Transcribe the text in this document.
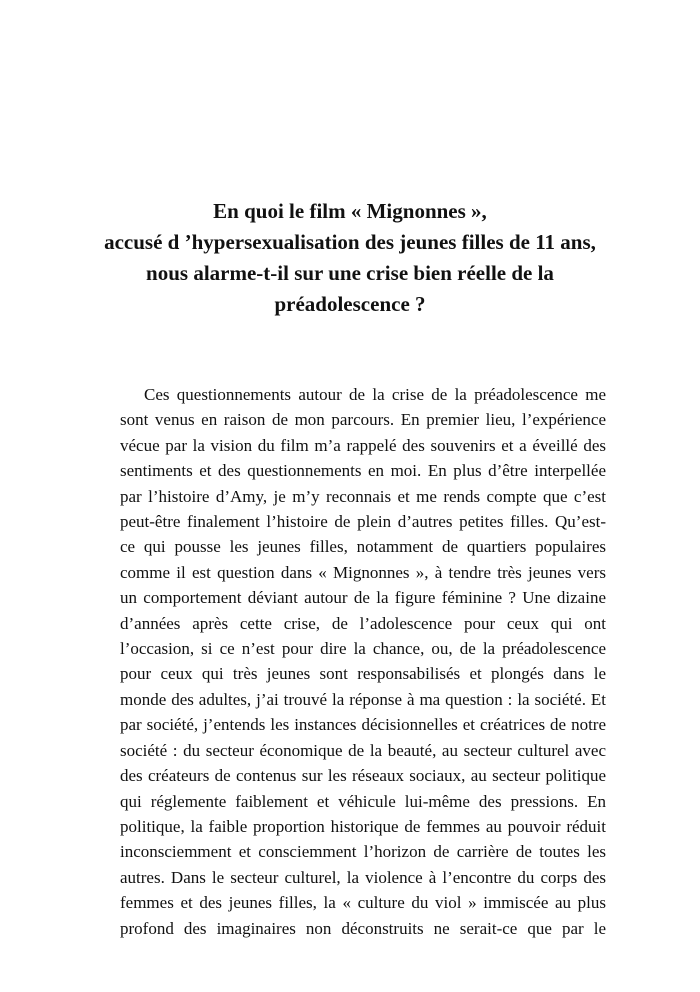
En quoi le film « Mignonnes »,
accusé d ’hypersexualisation des jeunes filles de 11 ans,
nous alarme-t-il sur une crise bien réelle de la
préadolescence ?
Ces questionnements autour de la crise de la préadolescence me
sont venus en raison de mon parcours. En premier lieu, l’expérience
vécue par la vision du film m’a rappelé des souvenirs et a éveillé des
sentiments et des questionnements en moi. En plus d’être interpellée
par l’histoire d’Amy, je m’y reconnais et me rends compte que c’est
peut-être finalement l’histoire de plein d’autres petites filles. Qu’est-
ce qui pousse les jeunes filles, notamment de quartiers populaires
comme il est question dans « Mignonnes », à tendre très jeunes vers
un comportement déviant autour de la figure féminine ? Une dizaine
d’années après cette crise, de l’adolescence pour ceux qui ont
l’occasion, si ce n’est pour dire la chance, ou, de la préadolescence
pour ceux qui très jeunes sont responsabilisés et plongés dans le
monde des adultes, j’ai trouvé la réponse à ma question : la société. Et
par société, j’entends les instances décisionnelles et créatrices de notre
société : du secteur économique de la beauté, au secteur culturel avec
des créateurs de contenus sur les réseaux sociaux, au secteur politique
qui réglemente faiblement et véhicule lui-même des pressions. En
politique, la faible proportion historique de femmes au pouvoir réduit
inconsciemment et consciemment l’horizon de carrière de toutes les
autres. Dans le secteur culturel, la violence à l’encontre du corps des
femmes et des jeunes filles, la « culture du viol » immiscée au plus
profond des imaginaires non déconstruits ne serait-ce que par le
